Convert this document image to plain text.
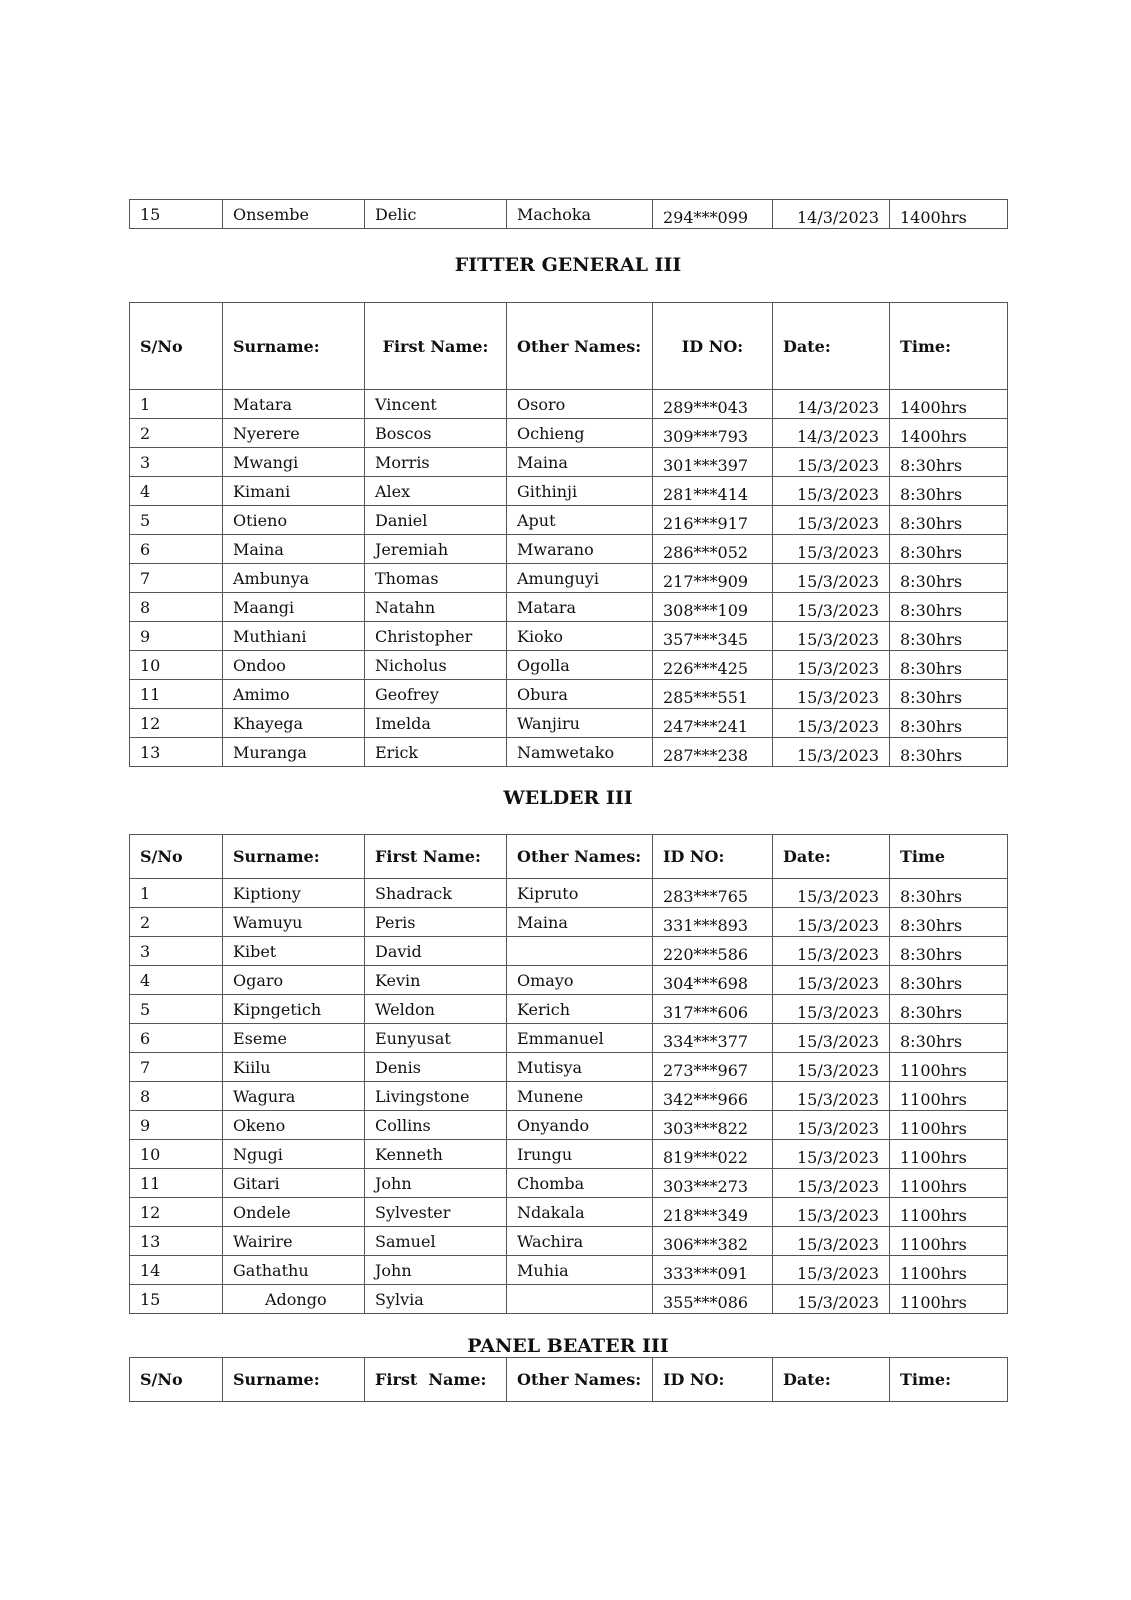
15	Onsembe	Delic	Machoka	294***099	14/3/2023	1400hrs
FITTER GENERAL III
S/No	Surname:	First Name:	Other Names:	ID NO:	Date:	Time:
1	Matara	Vincent	Osoro	289***043	14/3/2023	1400hrs
2	Nyerere	Boscos	Ochieng	309***793	14/3/2023	1400hrs
3	Mwangi	Morris	Maina	301***397	15/3/2023	8:30hrs
4	Kimani	Alex	Githinji	281***414	15/3/2023	8:30hrs
5	Otieno	Daniel	Aput	216***917	15/3/2023	8:30hrs
6	Maina	Jeremiah	Mwarano	286***052	15/3/2023	8:30hrs
7	Ambunya	Thomas	Amunguyi	217***909	15/3/2023	8:30hrs
8	Maangi	Natahn	Matara	308***109	15/3/2023	8:30hrs
9	Muthiani	Christopher	Kioko	357***345	15/3/2023	8:30hrs
10	Ondoo	Nicholus	Ogolla	226***425	15/3/2023	8:30hrs
11	Amimo	Geofrey	Obura	285***551	15/3/2023	8:30hrs
12	Khayega	Imelda	Wanjiru	247***241	15/3/2023	8:30hrs
13	Muranga	Erick	Namwetako	287***238	15/3/2023	8:30hrs
WELDER III
S/No	Surname:	First Name:	Other Names:	ID NO:	Date:	Time
1	Kiptiony	Shadrack	Kipruto	283***765	15/3/2023	8:30hrs
2	Wamuyu	Peris	Maina	331***893	15/3/2023	8:30hrs
3	Kibet	David		220***586	15/3/2023	8:30hrs
4	Ogaro	Kevin	Omayo	304***698	15/3/2023	8:30hrs
5	Kipngetich	Weldon	Kerich	317***606	15/3/2023	8:30hrs
6	Eseme	Eunyusat	Emmanuel	334***377	15/3/2023	8:30hrs
7	Kiilu	Denis	Mutisya	273***967	15/3/2023	1100hrs
8	Wagura	Livingstone	Munene	342***966	15/3/2023	1100hrs
9	Okeno	Collins	Onyando	303***822	15/3/2023	1100hrs
10	Ngugi	Kenneth	Irungu	819***022	15/3/2023	1100hrs
11	Gitari	John	Chomba	303***273	15/3/2023	1100hrs
12	Ondele	Sylvester	Ndakala	218***349	15/3/2023	1100hrs
13	Wairire	Samuel	Wachira	306***382	15/3/2023	1100hrs
14	Gathathu	John	Muhia	333***091	15/3/2023	1100hrs
15	Adongo	Sylvia		355***086	15/3/2023	1100hrs
PANEL BEATER III
S/No	Surname:	First  Name:	Other Names:	ID NO:	Date:	Time:
